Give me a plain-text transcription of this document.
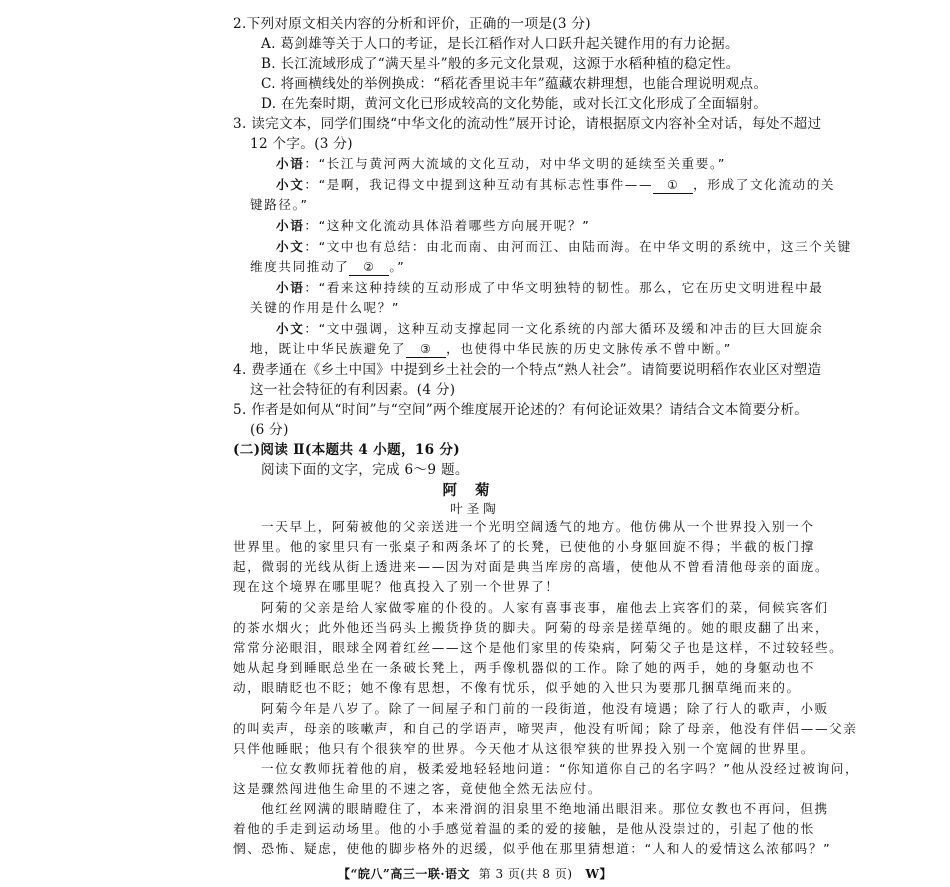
2.下列对原文相关内容的分析和评价，正确的一项是(3 分)
A. 葛剑雄等关于人口的考证，是长江稻作对人口跃升起关键作用的有力论据。
B. 长江流域形成了“满天星斗”般的多元文化景观，这源于水稻种植的稳定性。
C. 将画横线处的举例换成：“稻花香里说丰年”蕴藏农耕理想，也能合理说明观点。
D. 在先秦时期，黄河文化已形成较高的文化势能，或对长江文化形成了全面辐射。
3. 读完文本，同学们围绕“中华文化的流动性”展开讨论，请根据原文内容补全对话，每处不超过
12 个字。(3 分)
小语：“长江与黄河两大流域的文化互动，对中华文明的延续至关重要。”
小文：“是啊，我记得文中提到这种互动有其标志性事件—— ① ，形成了文化流动的关
键路径。”
小语：“这种文化流动具体沿着哪些方向展开呢？”
小文：“文中也有总结：由北而南、由河而江、由陆而海。在中华文明的系统中，这三个关键
维度共同推动了 ② 。”
小语：“看来这种持续的互动形成了中华文明独特的韧性。那么，它在历史文明进程中最
关键的作用是什么呢？”
小文：“文中强调，这种互动支撑起同一文化系统的内部大循环及缓和冲击的巨大回旋余
地，既让中华民族避免了 ③ ，也使得中华民族的历史文脉传承不曾中断。”
4. 费孝通在《乡土中国》中提到乡土社会的一个特点“熟人社会”。请简要说明稻作农业区对塑造
这一社会特征的有利因素。(4 分)
5. 作者是如何从“时间”与“空间”两个维度展开论述的？有何论证效果？请结合文本简要分析。
(6 分)
(二)阅读 Ⅱ(本题共 4 小题，16 分)
阅读下面的文字，完成 6～9 题。
阿菊
叶圣陶
一天早上，阿菊被他的父亲送进一个光明空阔透气的地方。他仿佛从一个世界投入别一个
世界里。他的家里只有一张桌子和两条坏了的长凳，已使他的小身躯回旋不得；半截的板门撑
起，微弱的光线从街上透进来——因为对面是典当库房的高墙，使他从不曾看清他母亲的面庞。
现在这个境界在哪里呢？他真投入了别一个世界了！
阿菊的父亲是给人家做零雇的仆役的。人家有喜事丧事，雇他去上宾客们的菜，伺候宾客们
的茶水烟火；此外他还当码头上搬货挣货的脚夫。阿菊的母亲是搓草绳的。她的眼皮翻了出来，
常常分泌眼泪，眼球全网着红丝——这个是他们家里的传染病，阿菊父子也是这样，不过较轻些。
她从起身到睡眠总坐在一条破长凳上，两手像机器似的工作。除了她的两手，她的身躯动也不
动，眼睛眨也不眨；她不像有思想，不像有忧乐，似乎她的入世只为要那几捆草绳而来的。
阿菊今年是八岁了。除了一间屋子和门前的一段街道，他没有境遇；除了行人的歌声，小贩
的叫卖声，母亲的咳嗽声，和自己的学语声，啼哭声，他没有听闻；除了母亲，他没有伴侣——父亲
只伴他睡眠；他只有个很狭窄的世界。今天他才从这很窄狭的世界投入别一个宽阔的世界里。
一位女教师抚着他的肩，极柔爱地轻轻地问道：“你知道你自己的名字吗？”他从没经过被询问，
这是骤然闯进他生命里的不速之客，竟使他全然无法应付。
他红丝网满的眼睛瞪住了，本来滑润的泪泉里不绝地涌出眼泪来。那位女教也不再问，但携
着他的手走到运动场里。他的小手感觉着温的柔的爱的接触，是他从没崇过的，引起了他的怅
惘、恐怖、疑虑，使他的脚步格外的迟缓，似乎他在那里猜想道：“人和人的爱情这么浓郁吗？”
【“皖八”高三一联·语文 第 3 页(共 8 页) W】
